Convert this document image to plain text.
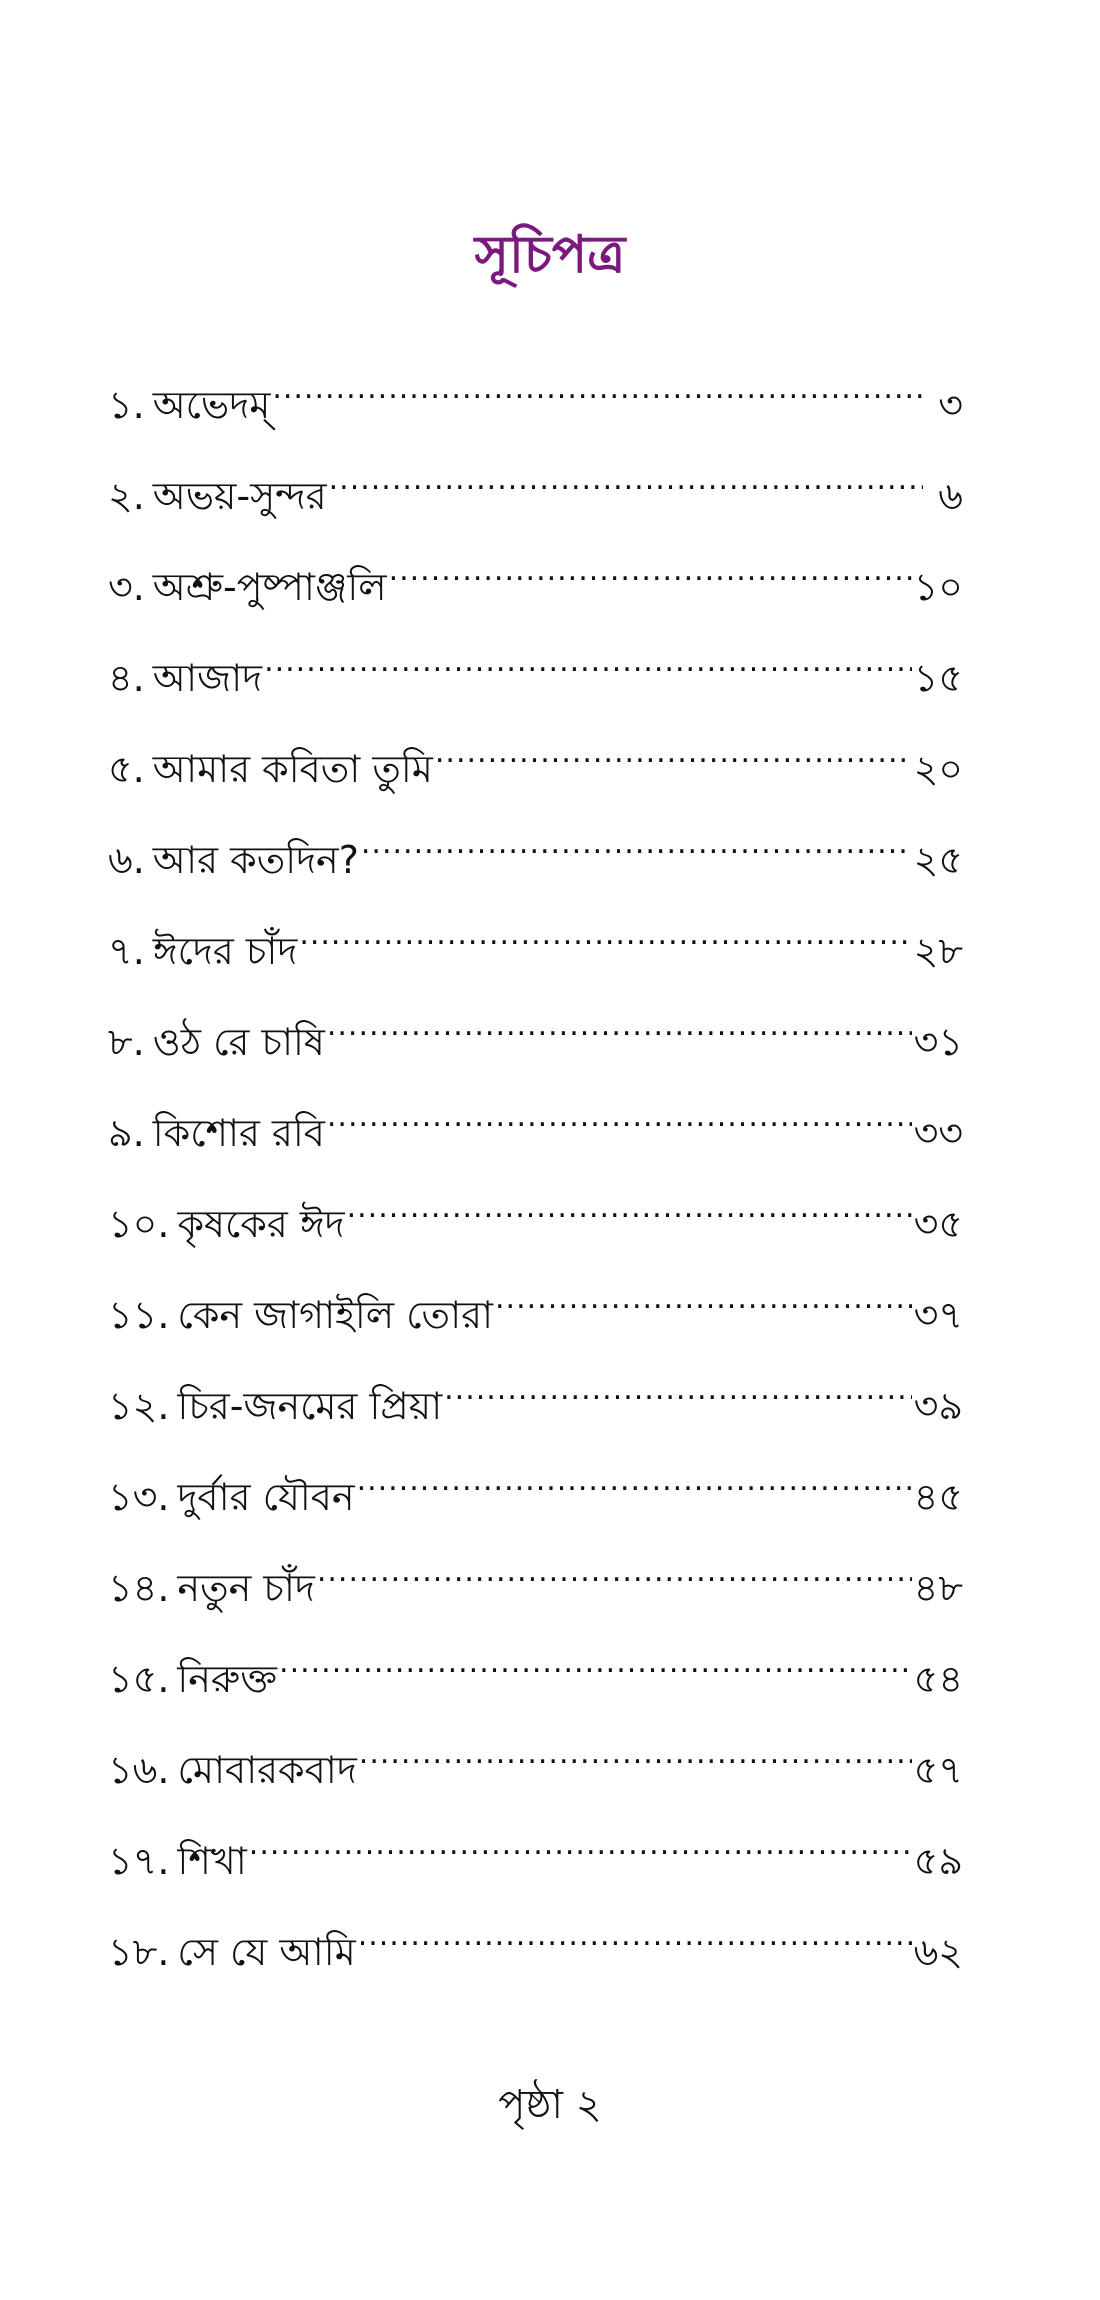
সূচিপত্র
১. অভেদম্ .....	৩
২. অভয়-সুন্দর .....	৬
৩. অশ্রু-পুষ্পাঞ্জলি .....	১০
৪. আজাদ .....	১৫
৫. আমার কবিতা তুমি .....	২০
৬. আর কতদিন? .....	২৫
৭. ঈদের চাঁদ .....	২৮
৮. ওঠ রে চাষি .....	৩১
৯. কিশোর রবি .....	৩৩
১০. কৃষকের ঈদ .....	৩৫
১১. কেন জাগাইলি তোরা .....	৩৭
১২. চির-জনমের প্রিয়া .....	৩৯
১৩. দুর্বার যৌবন .....	৪৫
১৪. নতুন চাঁদ .....	৪৮
১৫. নিরুক্ত .....	৫৪
১৬. মোবারকবাদ .....	৫৭
১৭. শিখা .....	৫৯
১৮. সে যে আমি .....	৬২
পৃষ্ঠা ২
